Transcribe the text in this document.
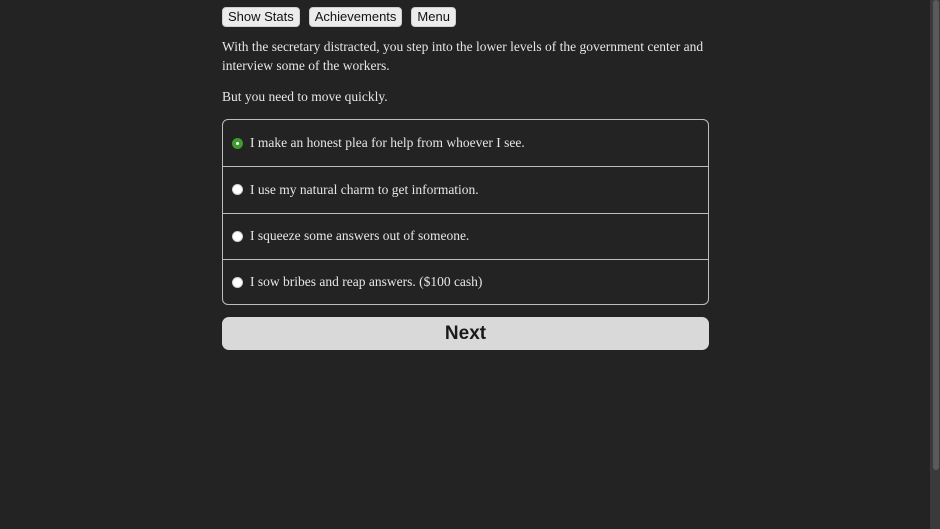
Show Stats	Achievements	Menu

With the secretary distracted, you step into the lower levels of the government center and interview some of the workers.

But you need to move quickly.

I make an honest plea for help from whoever I see.
I use my natural charm to get information.
I squeeze some answers out of someone.
I sow bribes and reap answers. ($100 cash)
Next
